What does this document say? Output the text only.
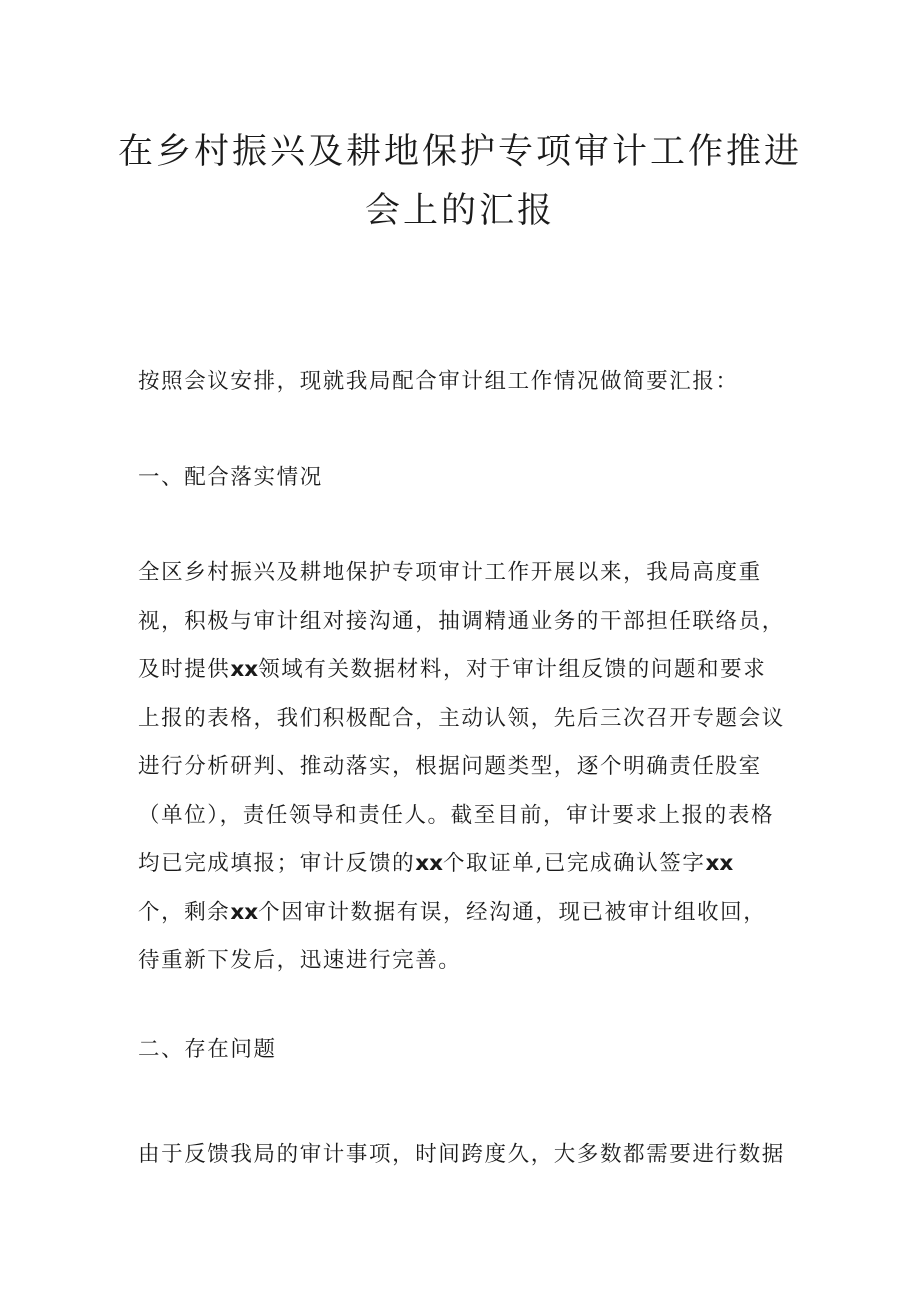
在乡村振兴及耕地保护专项审计工作推进
会上的汇报

按照会议安排，现就我局配合审计组工作情况做简要汇报：

一、配合落实情况

全区乡村振兴及耕地保护专项审计工作开展以来，我局高度重
视，积极与审计组对接沟通，抽调精通业务的干部担任联络员，
及时提供xx领域有关数据材料，对于审计组反馈的问题和要求
上报的表格，我们积极配合，主动认领，先后三次召开专题会议
进行分析研判、推动落实，根据问题类型，逐个明确责任股室
（单位），责任领导和责任人。截至目前，审计要求上报的表格
均已完成填报；审计反馈的xx个取证单,已完成确认签字xx
个，剩余xx个因审计数据有误，经沟通，现已被审计组收回，
待重新下发后，迅速进行完善。

二、存在问题

由于反馈我局的审计事项，时间跨度久，大多数都需要进行数据
